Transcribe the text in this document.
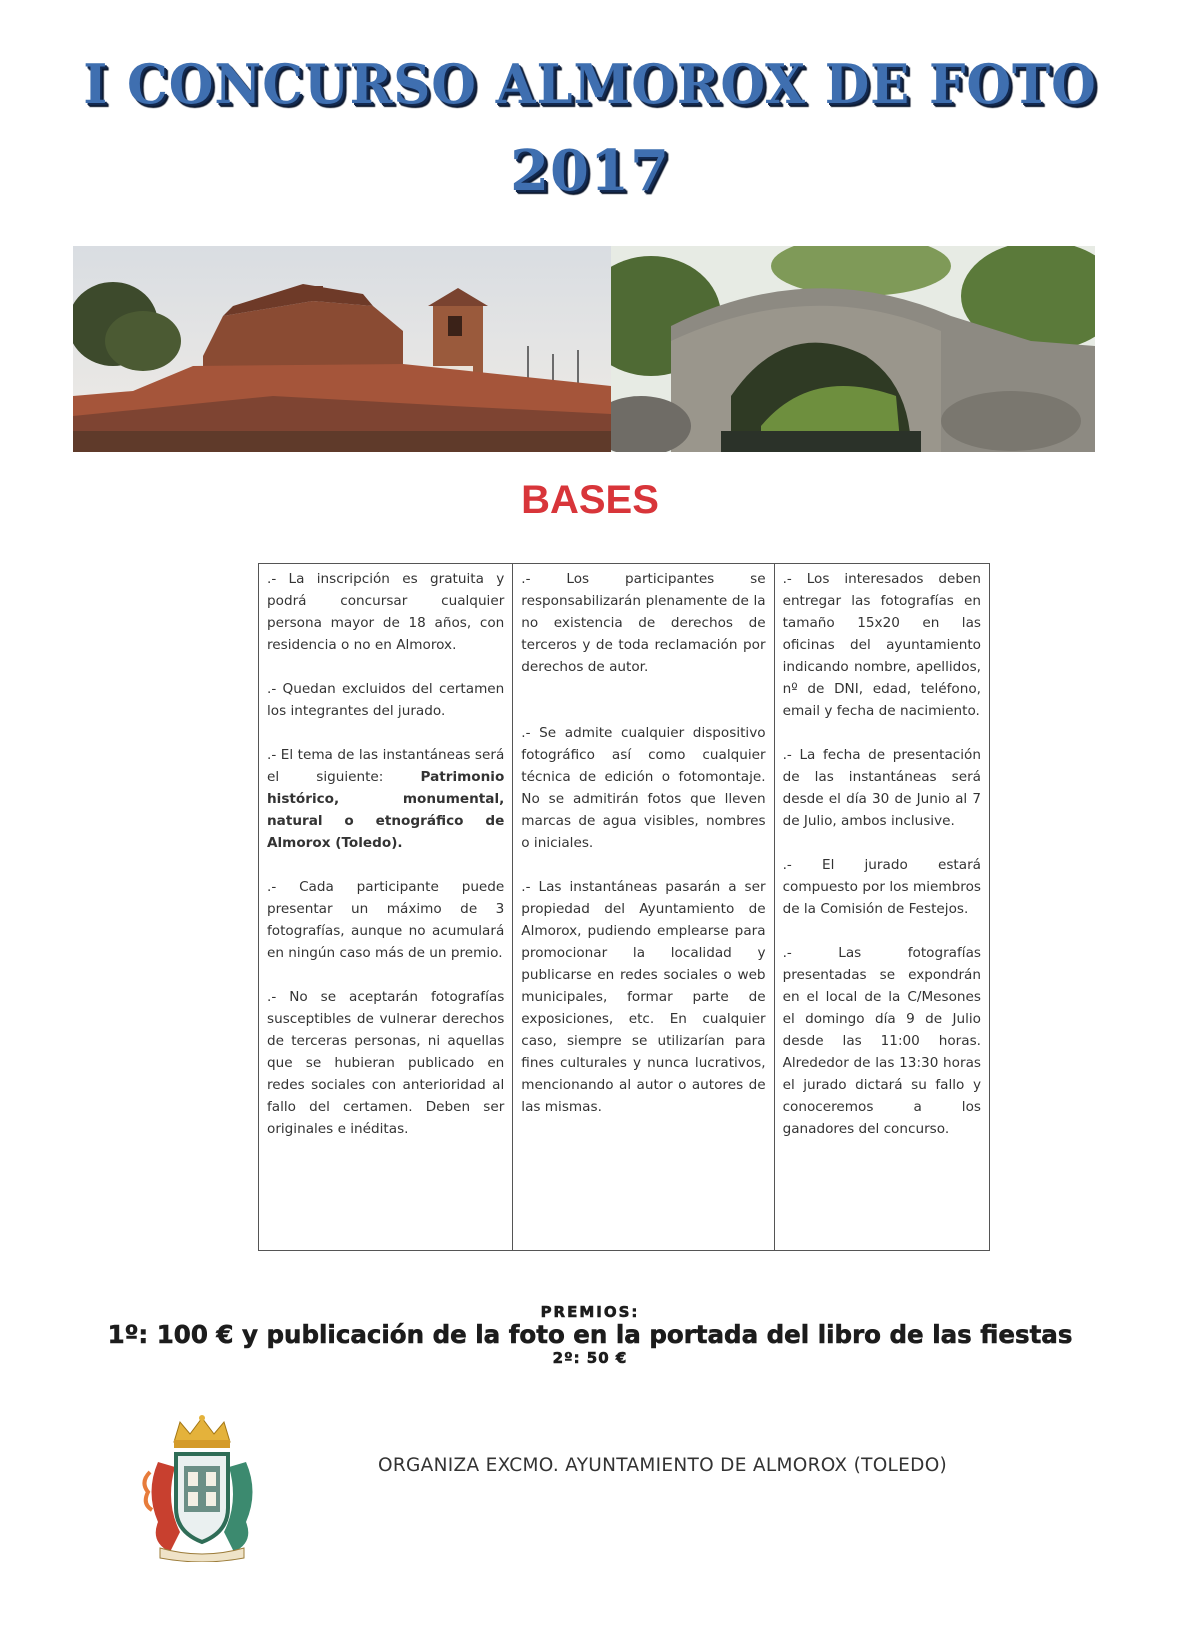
I CONCURSO ALMOROX DE FOTO
2017
BASES

.- La inscripción es gratuita y podrá concursar cualquier persona mayor de 18 años, con residencia o no en Almorox.

.- Quedan excluidos del certamen los integrantes del jurado.

.- El tema de las instantáneas será el siguiente: Patrimonio histórico, monumental, natural o etnográfico de Almorox (Toledo).

.- Cada participante puede presentar un máximo de 3 fotografías, aunque no acumulará en ningún caso más de un premio.

.- No se aceptarán fotografías susceptibles de vulnerar derechos de terceras personas, ni aquellas que se hubieran publicado en redes sociales con anterioridad al fallo del certamen. Deben ser originales e inéditas.

.- Los participantes se responsabilizarán plenamente de la no existencia de derechos de terceros y de toda reclamación por derechos de autor.

.- Se admite cualquier dispositivo fotográfico así como cualquier técnica de edición o fotomontaje. No se admitirán fotos que lleven marcas de agua visibles, nombres o iniciales.

.- Las instantáneas pasarán a ser propiedad del Ayuntamiento de Almorox, pudiendo emplearse para promocionar la localidad y publicarse en redes sociales o web municipales, formar parte de exposiciones, etc. En cualquier caso, siempre se utilizarían para fines culturales y nunca lucrativos, mencionando al autor o autores de las mismas.

.- Los interesados deben entregar las fotografías en tamaño 15x20 en las oficinas del ayuntamiento indicando nombre, apellidos, nº de DNI, edad, teléfono, email y fecha de nacimiento.

.- La fecha de presentación de las instantáneas será desde el día 30 de Junio al 7 de Julio, ambos inclusive.

.- El jurado estará compuesto por los miembros de la Comisión de Festejos.

.- Las fotografías presentadas se expondrán en el local de la C/Mesones el domingo día 9 de Julio desde las 11:00 horas. Alrededor de las 13:30 horas el jurado dictará su fallo y conoceremos a los ganadores del concurso.

PREMIOS:
1º: 100 € y publicación de la foto en la portada del libro de las fiestas
2º: 50 €
ORGANIZA EXCMO. AYUNTAMIENTO DE ALMOROX (TOLEDO)
